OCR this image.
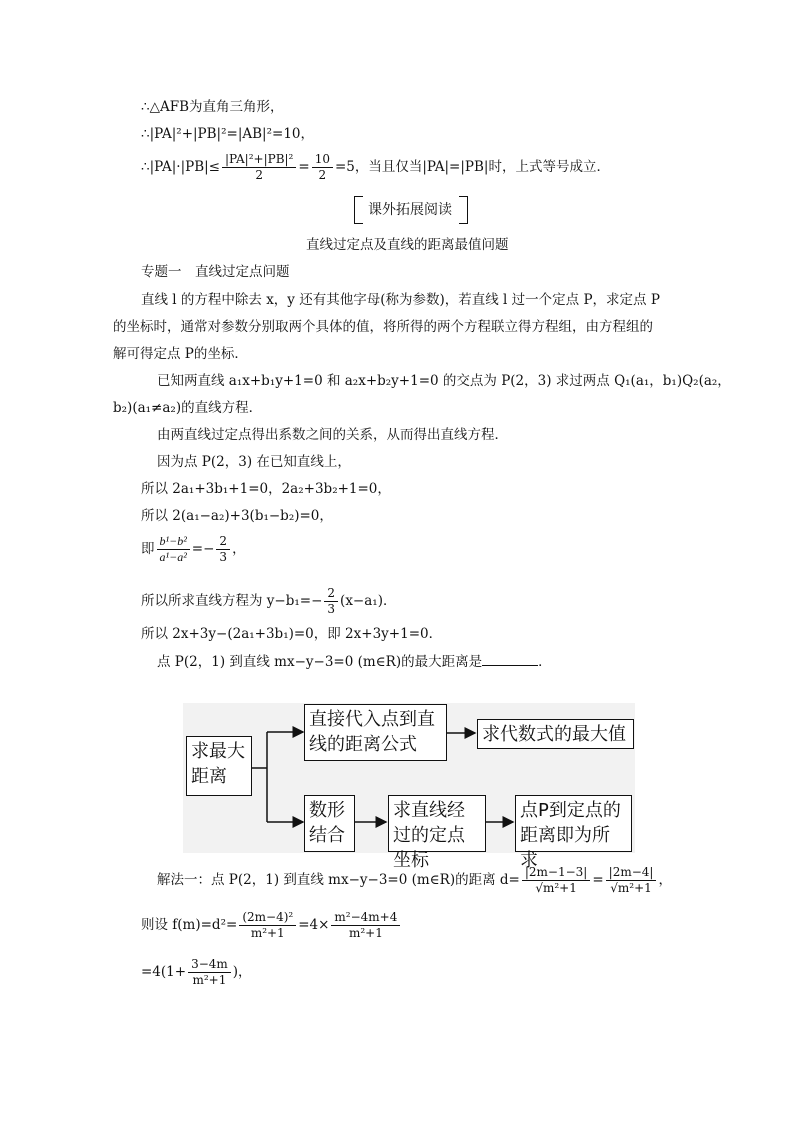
∴△AFB为直角三角形，
∴|PA|²+|PB|²=|AB|²=10，
∴|PA|·|PB|≤ $\frac{\text{|PA|²+|PB|²}}{2} = \frac{10}{2} =5$，当且仅当|PA|=|PB|时，上式等号成立．
课外拓展阅读
直线过定点及直线的距离最值问题
专题一　直线过定点问题
直线 l 的方程中除去 x，y 还有其他字母(称为参数)，若直线 l 过一个定点 P，求定点 P
的坐标时，通常对参数分别取两个具体的值，将所得的两个方程联立得方程组，由方程组的
解可得定点 P的坐标．
已知两直线 a₁x+b₁y+1=0 和 a₂x+b₂y+1=0 的交点为 P(2，3) 求过两点 Q₁(a₁，b₁)Q₂(a₂，
b₂)(a₁≠a₂)的直线方程．
由两直线过定点得出系数之间的关系，从而得出直线方程．
因为点 P(2，3) 在已知直线上，
所以 2a₁+3b₁+1=0，2a₂+3b₂+1=0，
所以 2(a₁−a₂)+3(b₁−b₂)=0，
即 $\frac{\text{b¹−b²}}{\text{a¹−a²}} =- \frac{2}{3}$ ，
所以所求直线方程为 $y-b_1=- \frac{2}{3} (x-a_1)$．
所以 2x+3y−(2a₁+3b₁)=0，即 2x+3y+1=0．
点 P(2，1) 到直线 mx−y−3=0 (m∈R)的最大距离是	．
求最大距离
直接代入点到直线的距离公式	求代数式的最大值
数形结合
求直线经过的定点坐标
点P到定点的距离即为所求
解法一：点 P(2，1) 到直线 mx−y−3=0 (m∈R)的距离 $d= \frac{|2m-1-3|}{\text{√m²+1}} = \frac{|2m-4|}{\text{√m²+1}}$ ，
则设 $f(m)=d^2= \frac{\text{(2m−4)²}}{\text{m²+1}} =4\times \frac{\text{m²−4m+4}}{\text{m²+1}}$
$=4(1+ \frac{3-4m}{\text{m²+1}}$ )，
